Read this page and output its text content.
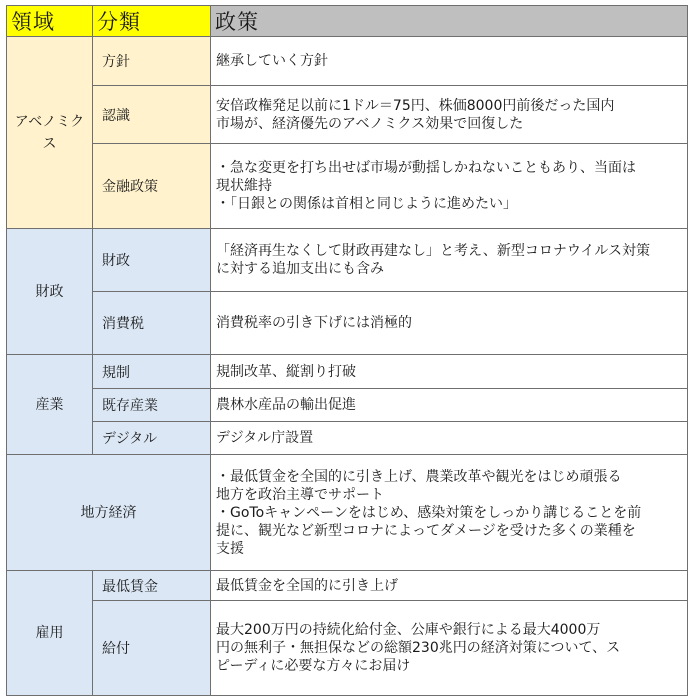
領域	分類	政策
アベノミクス	方針	継承していく方針

	認識	安倍政権発足以前に1ドル＝75円、株価8000円前後だった国内
市場が、経済優先のアベノミクス効果で回復した

	金融政策	・急な変更を打ち出せば市場が動揺しかねないこともあり、当面は
現状維持
・「日銀との関係は首相と同じように進めたい」

財政	財政	「経済再生なくして財政再建なし」と考え、新型コロナウイルス対策
に対する追加支出にも含み

	消費税	消費税率の引き下げには消極的

産業	規制	規制改革、縦割り打破

	既存産業	農林水産品の輸出促進

	デジタル	デジタル庁設置

地方経済		・最低賃金を全国的に引き上げ、農業改革や観光をはじめ頑張る
地方を政治主導でサポート
・GoToキャンペーンをはじめ、感染対策をしっかり講じることを前
提に、観光など新型コロナによってダメージを受けた多くの業種を
支援

雇用	最低賃金	最低賃金を全国的に引き上げ

	給付	最大200万円の持続化給付金、公庫や銀行による最大4000万
円の無利子・無担保などの総額230兆円の経済対策について、ス
ピーディに必要な方々にお届け
